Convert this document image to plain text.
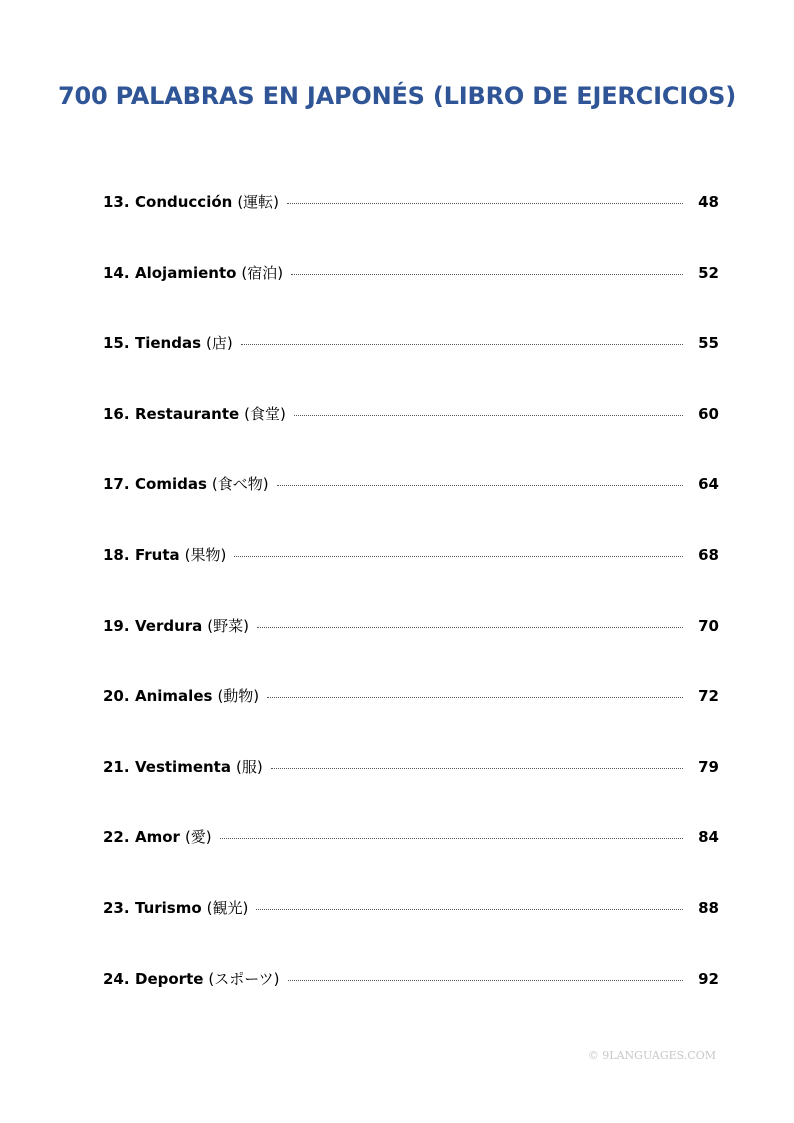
700 PALABRAS EN JAPONÉS (LIBRO DE EJERCICIOS)
13. Conducción (運転)	48
14. Alojamiento (宿泊)	52
15. Tiendas (店)	55
16. Restaurante (食堂)	60
17. Comidas (食べ物)	64
18. Fruta (果物)	68
19. Verdura (野菜)	70
20. Animales (動物)	72
21. Vestimenta (服)	79
22. Amor (愛)	84
23. Turismo (観光)	88
24. Deporte (スポーツ)	92
© 9LANGUAGES.COM
